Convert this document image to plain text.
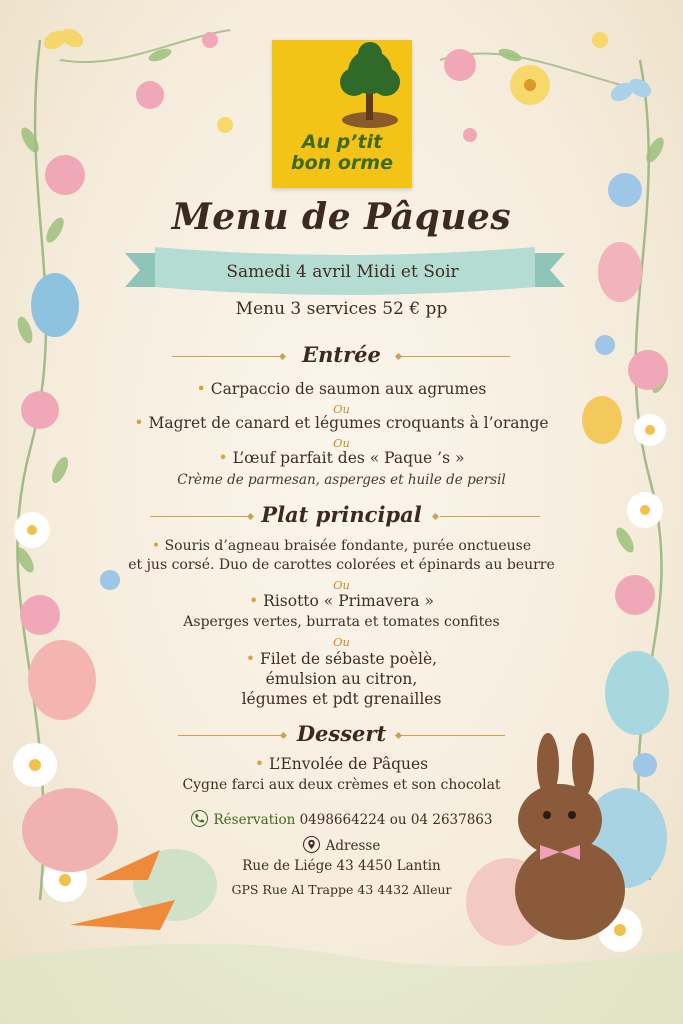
Au p’tit
bon orme
Menu de Pâques
Samedi 4 avril Midi et Soir
Menu 3 services 52 € pp
Entrée
• Carpaccio de saumon aux agrumes
Ou
• Magret de canard et légumes croquants à l’orange
Ou
• L’œuf parfait des « Paque ’s »
Crème de parmesan, asperges et huile de persil
Plat principal
• Souris d’agneau braisée fondante, purée onctueuse
et jus corsé. Duo de carottes colorées et épinards au beurre
Ou
• Risotto « Primavera »
Asperges vertes, burrata et tomates confites
Ou
• Filet de sébaste poèlè,
émulsion au citron,
légumes et pdt grenailles
Dessert
• L’Envolée de Pâques
Cygne farci aux deux crèmes et son chocolat
Réservation 0498664224 ou 04 2637863
Adresse
Rue de Liége 43 4450 Lantin
GPS Rue Al Trappe 43 4432 Alleur
